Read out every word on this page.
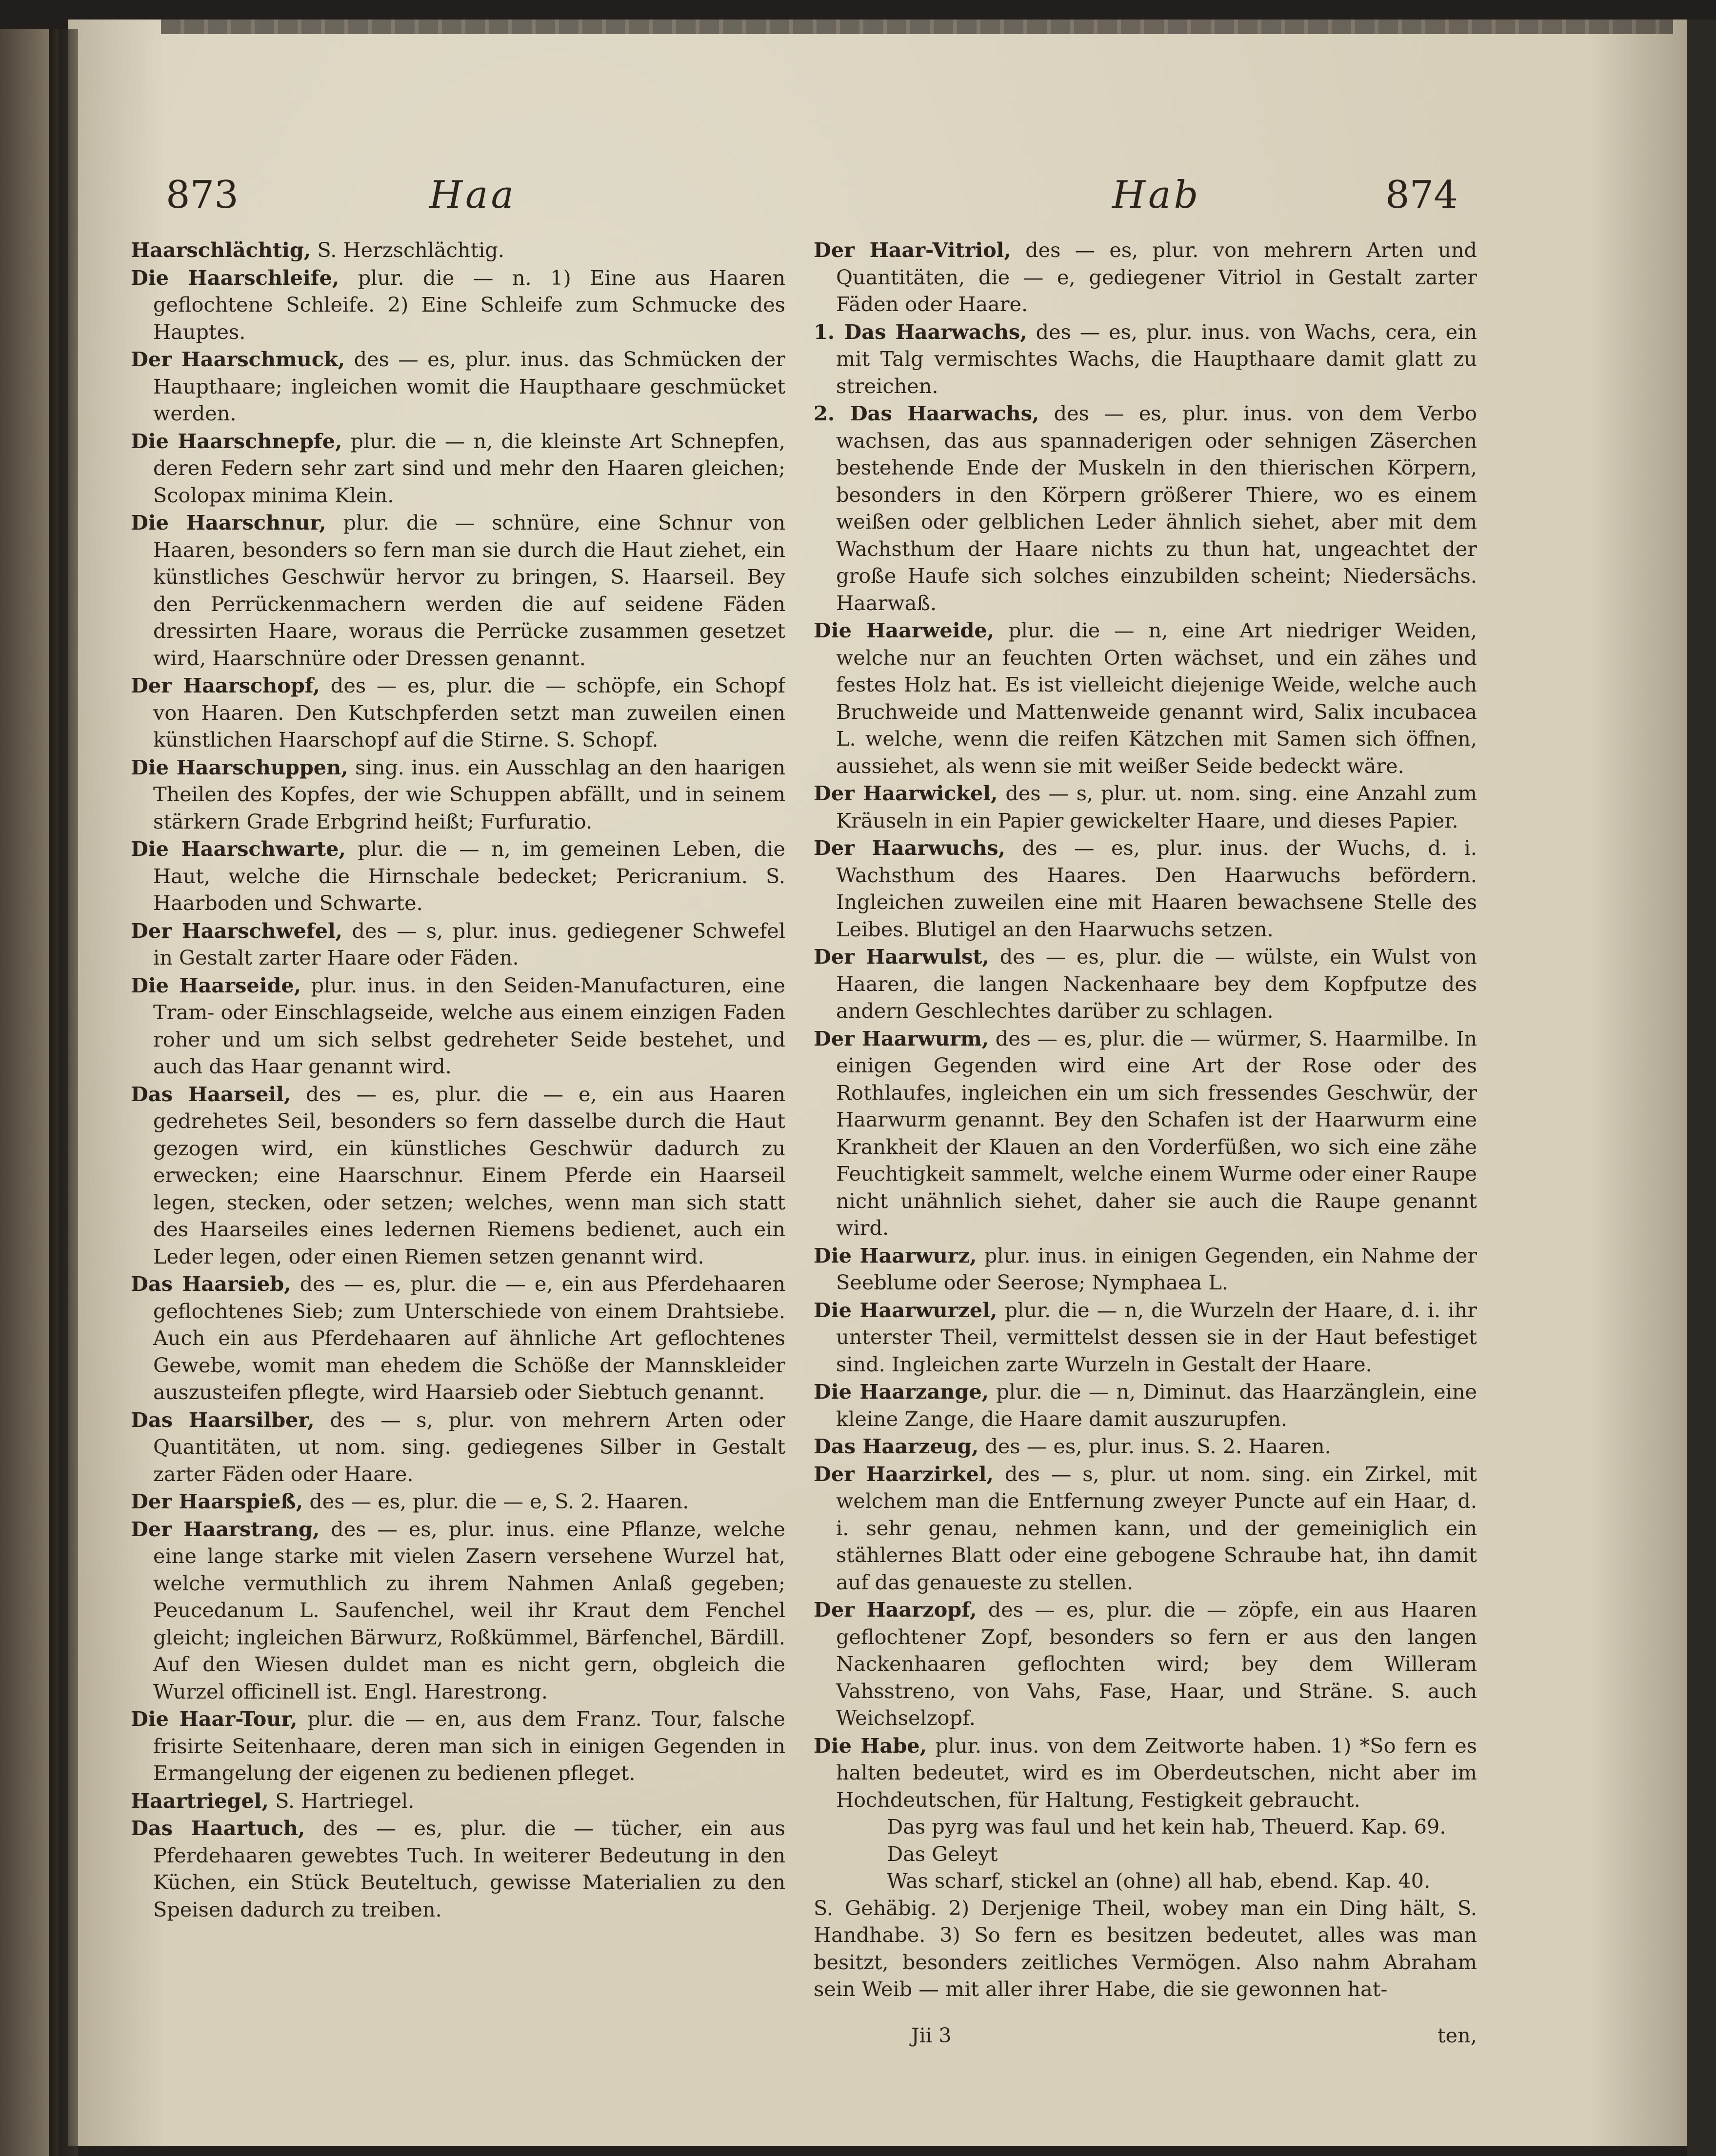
873	Haa	Hab	874

Haarschlächtig, S. Herzschlächtig.

Die Haarschleife, plur. die — n. 1) Eine aus Haaren geflochtene Schleife. 2) Eine Schleife zum Schmucke des Hauptes.

Der Haarschmuck, des — es, plur. inus. das Schmücken der Haupthaare; ingleichen womit die Haupthaare geschmücket werden.

Die Haarschnepfe, plur. die — n, die kleinste Art Schnepfen, deren Federn sehr zart sind und mehr den Haaren gleichen; Scolopax minima Klein.

Die Haarschnur, plur. die — schnüre, eine Schnur von Haaren, besonders so fern man sie durch die Haut ziehet, ein künstliches Geschwür hervor zu bringen, S. Haarseil. Bey den Perrückenmachern werden die auf seidene Fäden dressirten Haare, woraus die Perrücke zusammen gesetzet wird, Haarschnüre oder Dressen genannt.

Der Haarschopf, des — es, plur. die — schöpfe, ein Schopf von Haaren. Den Kutschpferden setzt man zuweilen einen künstlichen Haarschopf auf die Stirne. S. Schopf.

Die Haarschuppen, sing. inus. ein Ausschlag an den haarigen Theilen des Kopfes, der wie Schuppen abfällt, und in seinem stärkern Grade Erbgrind heißt; Furfuratio.

Die Haarschwarte, plur. die — n, im gemeinen Leben, die Haut, welche die Hirnschale bedecket; Pericranium. S. Haarboden und Schwarte.

Der Haarschwefel, des — s, plur. inus. gediegener Schwefel in Gestalt zarter Haare oder Fäden.

Die Haarseide, plur. inus. in den Seiden-Manufacturen, eine Tram- oder Einschlagseide, welche aus einem einzigen Faden roher und um sich selbst gedreheter Seide bestehet, und auch das Haar genannt wird.

Das Haarseil, des — es, plur. die — e, ein aus Haaren gedrehetes Seil, besonders so fern dasselbe durch die Haut gezogen wird, ein künstliches Geschwür dadurch zu erwecken; eine Haarschnur. Einem Pferde ein Haarseil legen, stecken, oder setzen; welches, wenn man sich statt des Haarseiles eines ledernen Riemens bedienet, auch ein Leder legen, oder einen Riemen setzen genannt wird.

Das Haarsieb, des — es, plur. die — e, ein aus Pferdehaaren geflochtenes Sieb; zum Unterschiede von einem Drahtsiebe. Auch ein aus Pferdehaaren auf ähnliche Art geflochtenes Gewebe, womit man ehedem die Schöße der Mannskleider auszusteifen pflegte, wird Haarsieb oder Siebtuch genannt.

Das Haarsilber, des — s, plur. von mehrern Arten oder Quantitäten, ut nom. sing. gediegenes Silber in Gestalt zarter Fäden oder Haare.

Der Haarspieß, des — es, plur. die — e, S. 2. Haaren.

Der Haarstrang, des — es, plur. inus. eine Pflanze, welche eine lange starke mit vielen Zasern versehene Wurzel hat, welche vermuthlich zu ihrem Nahmen Anlaß gegeben; Peucedanum L. Saufenchel, weil ihr Kraut dem Fenchel gleicht; ingleichen Bärwurz, Roßkümmel, Bärfenchel, Bärdill. Auf den Wiesen duldet man es nicht gern, obgleich die Wurzel officinell ist. Engl. Harestrong.

Die Haar-Tour, plur. die — en, aus dem Franz. Tour, falsche frisirte Seitenhaare, deren man sich in einigen Gegenden in Ermangelung der eigenen zu bedienen pfleget.

Haartriegel, S. Hartriegel.

Das Haartuch, des — es, plur. die — tücher, ein aus Pferdehaaren gewebtes Tuch. In weiterer Bedeutung in den Küchen, ein Stück Beuteltuch, gewisse Materialien zu den Speisen dadurch zu treiben.

Der Haar-Vitriol, des — es, plur. von mehrern Arten und Quantitäten, die — e, gediegener Vitriol in Gestalt zarter Fäden oder Haare.

1. Das Haarwachs, des — es, plur. inus. von Wachs, cera, ein mit Talg vermischtes Wachs, die Haupthaare damit glatt zu streichen.

2. Das Haarwachs, des — es, plur. inus. von dem Verbo wachsen, das aus spannaderigen oder sehnigen Zäserchen bestehende Ende der Muskeln in den thierischen Körpern, besonders in den Körpern größerer Thiere, wo es einem weißen oder gelblichen Leder ähnlich siehet, aber mit dem Wachsthum der Haare nichts zu thun hat, ungeachtet der große Haufe sich solches einzubilden scheint; Niedersächs. Haarwaß.

Die Haarweide, plur. die — n, eine Art niedriger Weiden, welche nur an feuchten Orten wächset, und ein zähes und festes Holz hat. Es ist vielleicht diejenige Weide, welche auch Bruchweide und Mattenweide genannt wird, Salix incubacea L. welche, wenn die reifen Kätzchen mit Samen sich öffnen, aussiehet, als wenn sie mit weißer Seide bedeckt wäre.

Der Haarwickel, des — s, plur. ut. nom. sing. eine Anzahl zum Kräuseln in ein Papier gewickelter Haare, und dieses Papier.

Der Haarwuchs, des — es, plur. inus. der Wuchs, d. i. Wachsthum des Haares. Den Haarwuchs befördern. Ingleichen zuweilen eine mit Haaren bewachsene Stelle des Leibes. Blutigel an den Haarwuchs setzen.

Der Haarwulst, des — es, plur. die — wülste, ein Wulst von Haaren, die langen Nackenhaare bey dem Kopfputze des andern Geschlechtes darüber zu schlagen.

Der Haarwurm, des — es, plur. die — würmer, S. Haarmilbe. In einigen Gegenden wird eine Art der Rose oder des Rothlaufes, ingleichen ein um sich fressendes Geschwür, der Haarwurm genannt. Bey den Schafen ist der Haarwurm eine Krankheit der Klauen an den Vorderfüßen, wo sich eine zähe Feuchtigkeit sammelt, welche einem Wurme oder einer Raupe nicht unähnlich siehet, daher sie auch die Raupe genannt wird.

Die Haarwurz, plur. inus. in einigen Gegenden, ein Nahme der Seeblume oder Seerose; Nymphaea L.

Die Haarwurzel, plur. die — n, die Wurzeln der Haare, d. i. ihr unterster Theil, vermittelst dessen sie in der Haut befestiget sind. Ingleichen zarte Wurzeln in Gestalt der Haare.

Die Haarzange, plur. die — n, Diminut. das Haarzänglein, eine kleine Zange, die Haare damit auszurupfen.

Das Haarzeug, des — es, plur. inus. S. 2. Haaren.

Der Haarzirkel, des — s, plur. ut nom. sing. ein Zirkel, mit welchem man die Entfernung zweyer Puncte auf ein Haar, d. i. sehr genau, nehmen kann, und der gemeiniglich ein stählernes Blatt oder eine gebogene Schraube hat, ihn damit auf das genaueste zu stellen.

Der Haarzopf, des — es, plur. die — zöpfe, ein aus Haaren geflochtener Zopf, besonders so fern er aus den langen Nackenhaaren geflochten wird; bey dem Willeram Vahsstreno, von Vahs, Fase, Haar, und Sträne. S. auch Weichselzopf.

Die Habe, plur. inus. von dem Zeitworte haben. 1) *So fern es halten bedeutet, wird es im Oberdeutschen, nicht aber im Hochdeutschen, für Haltung, Festigkeit gebraucht.

Das pyrg was faul und het kein hab, Theuerd. Kap. 69.

Das Geleyt

Was scharf, stickel an (ohne) all hab, ebend. Kap. 40.

S. Gehäbig. 2) Derjenige Theil, wobey man ein Ding hält, S. Handhabe. 3) So fern es besitzen bedeutet, alles was man besitzt, besonders zeitliches Vermögen. Also nahm Abraham sein Weib — mit aller ihrer Habe, die sie gewonnen hat-

Jii 3	ten,
